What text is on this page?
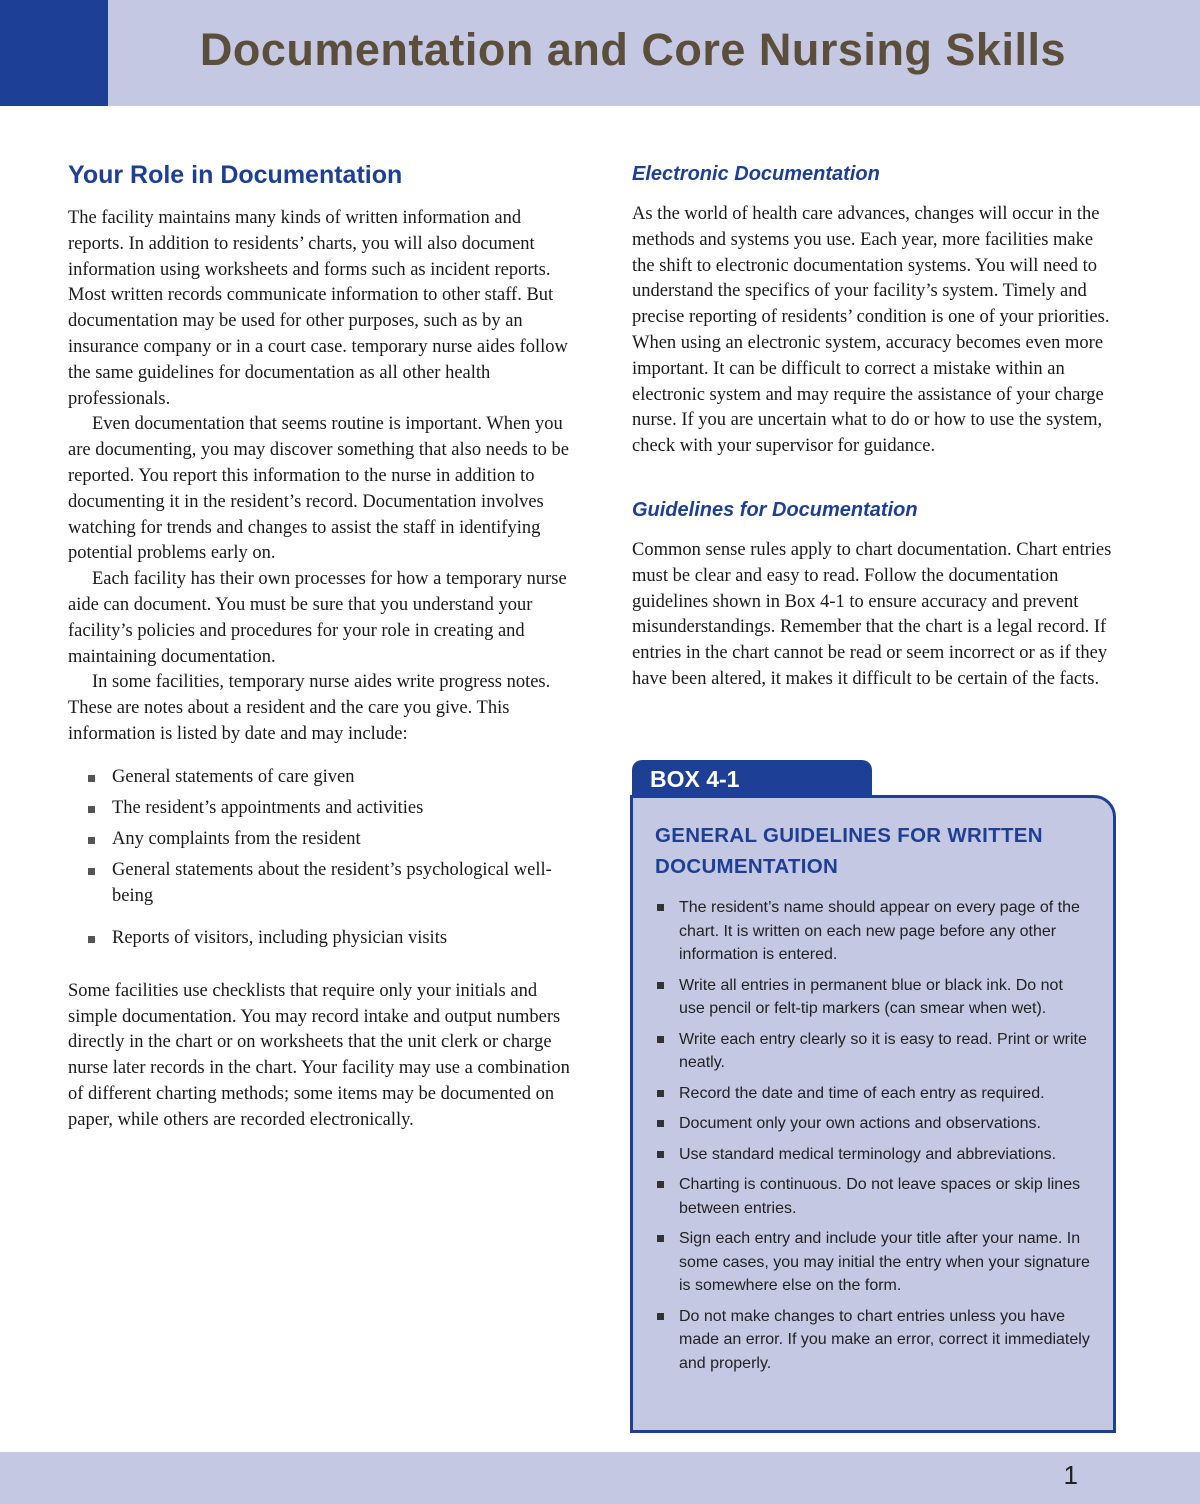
Documentation and Core Nursing Skills
Your Role in Documentation

The facility maintains many kinds of written information and reports. In addition to residents’ charts, you will also document information using worksheets and forms such as incident reports. Most written records communicate information to other staff. But documentation may be used for other purposes, such as by an insurance company or in a court case. temporary nurse aides follow the same guidelines for documentation as all other health professionals.

Even documentation that seems routine is important. When you are documenting, you may discover something that also needs to be reported. You report this information to the nurse in addition to documenting it in the resident’s record. Documentation involves watching for trends and changes to assist the staff in identifying potential problems early on.

Each facility has their own processes for how a temporary nurse aide can document. You must be sure that you understand your facility’s policies and procedures for your role in creating and maintaining documentation.

In some facilities, temporary nurse aides write progress notes. These are notes about a resident and the care you give. This information is listed by date and may include:

General statements of care given
The resident’s appointments and activities
Any complaints from the resident
General statements about the resident’s psychological well-being
Reports of visitors, including physician visits

Some facilities use checklists that require only your initials and simple documentation. You may record intake and output numbers directly in the chart or on worksheets that the unit clerk or charge nurse later records in the chart. Your facility may use a combination of different charting methods; some items may be documented on paper, while others are recorded electronically.

Electronic Documentation

As the world of health care advances, changes will occur in the methods and systems you use. Each year, more facilities make the shift to electronic documentation systems. You will need to understand the specifics of your facility’s system. Timely and precise reporting of residents’ condition is one of your priorities. When using an electronic system, accuracy becomes even more important. It can be difficult to correct a mistake within an electronic system and may require the assistance of your charge nurse. If you are uncertain what to do or how to use the system, check with your supervisor for guidance.

Guidelines for Documentation

Common sense rules apply to chart documentation. Chart entries must be clear and easy to read. Follow the documentation guidelines shown in Box 4-1 to ensure accuracy and prevent misunderstandings. Remember that the chart is a legal record. If entries in the chart cannot be read or seem incorrect or as if they have been altered, it makes it difficult to be certain of the facts.

BOX 4-1
GENERAL GUIDELINES FOR WRITTEN DOCUMENTATION
The resident’s name should appear on every page of the chart. It is written on each new page before any other information is entered.
Write all entries in permanent blue or black ink. Do not use pencil or felt-tip markers (can smear when wet).
Write each entry clearly so it is easy to read. Print or write neatly.
Record the date and time of each entry as required.
Document only your own actions and observations.
Use standard medical terminology and abbreviations.
Charting is continuous. Do not leave spaces or skip lines between entries.
Sign each entry and include your title after your name. In some cases, you may initial the entry when your signature is somewhere else on the form.
Do not make changes to chart entries unless you have made an error. If you make an error, correct it immediately and properly.
1
